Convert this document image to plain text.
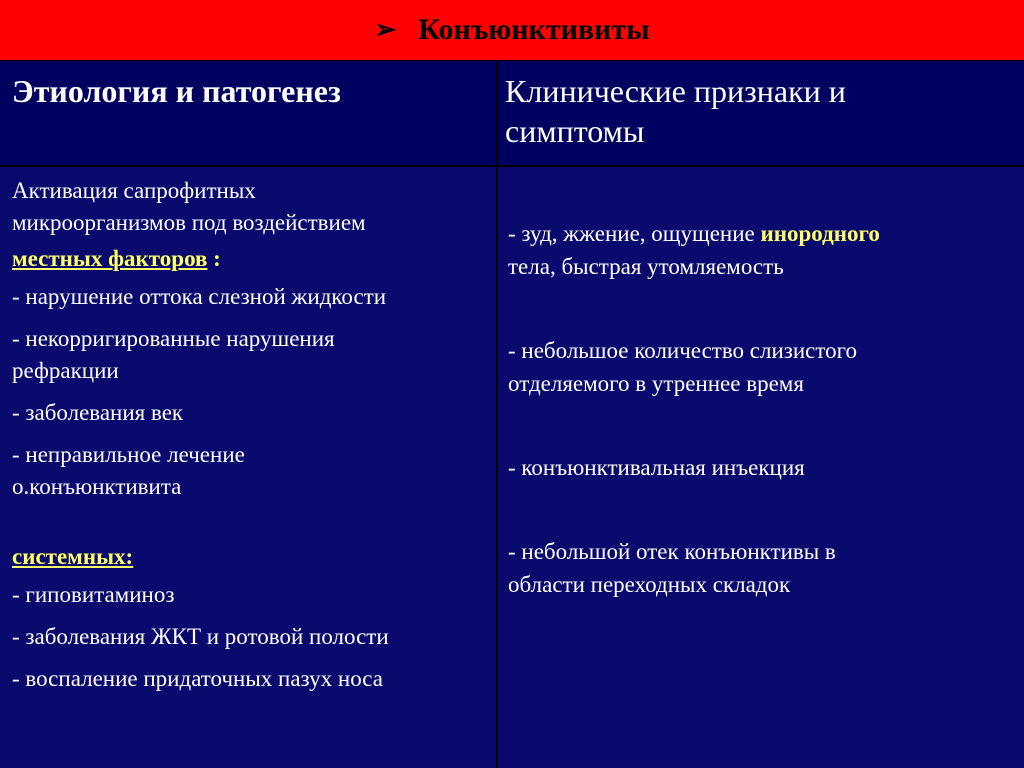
➢ Конъюнктивиты
Этиология и патогенез	Клинические признаки и
симптомы
Активация сапрофитных
микроорганизмов под воздействием
местных факторов :
- нарушение оттока слезной жидкости
- некорригированные нарушения
рефракции
- заболевания век
- неправильное лечение
о.конъюнктивита
системных:
- гиповитаминоз
- заболевания ЖКТ и ротовой полости
- воспаление придаточных пазух носа
- зуд, жжение, ощущение инородного
тела, быстрая утомляемость
- небольшое количество слизистого
отделяемого в утреннее время
- конъюнктивальная инъекция
- небольшой отек конъюнктивы в
области переходных складок
